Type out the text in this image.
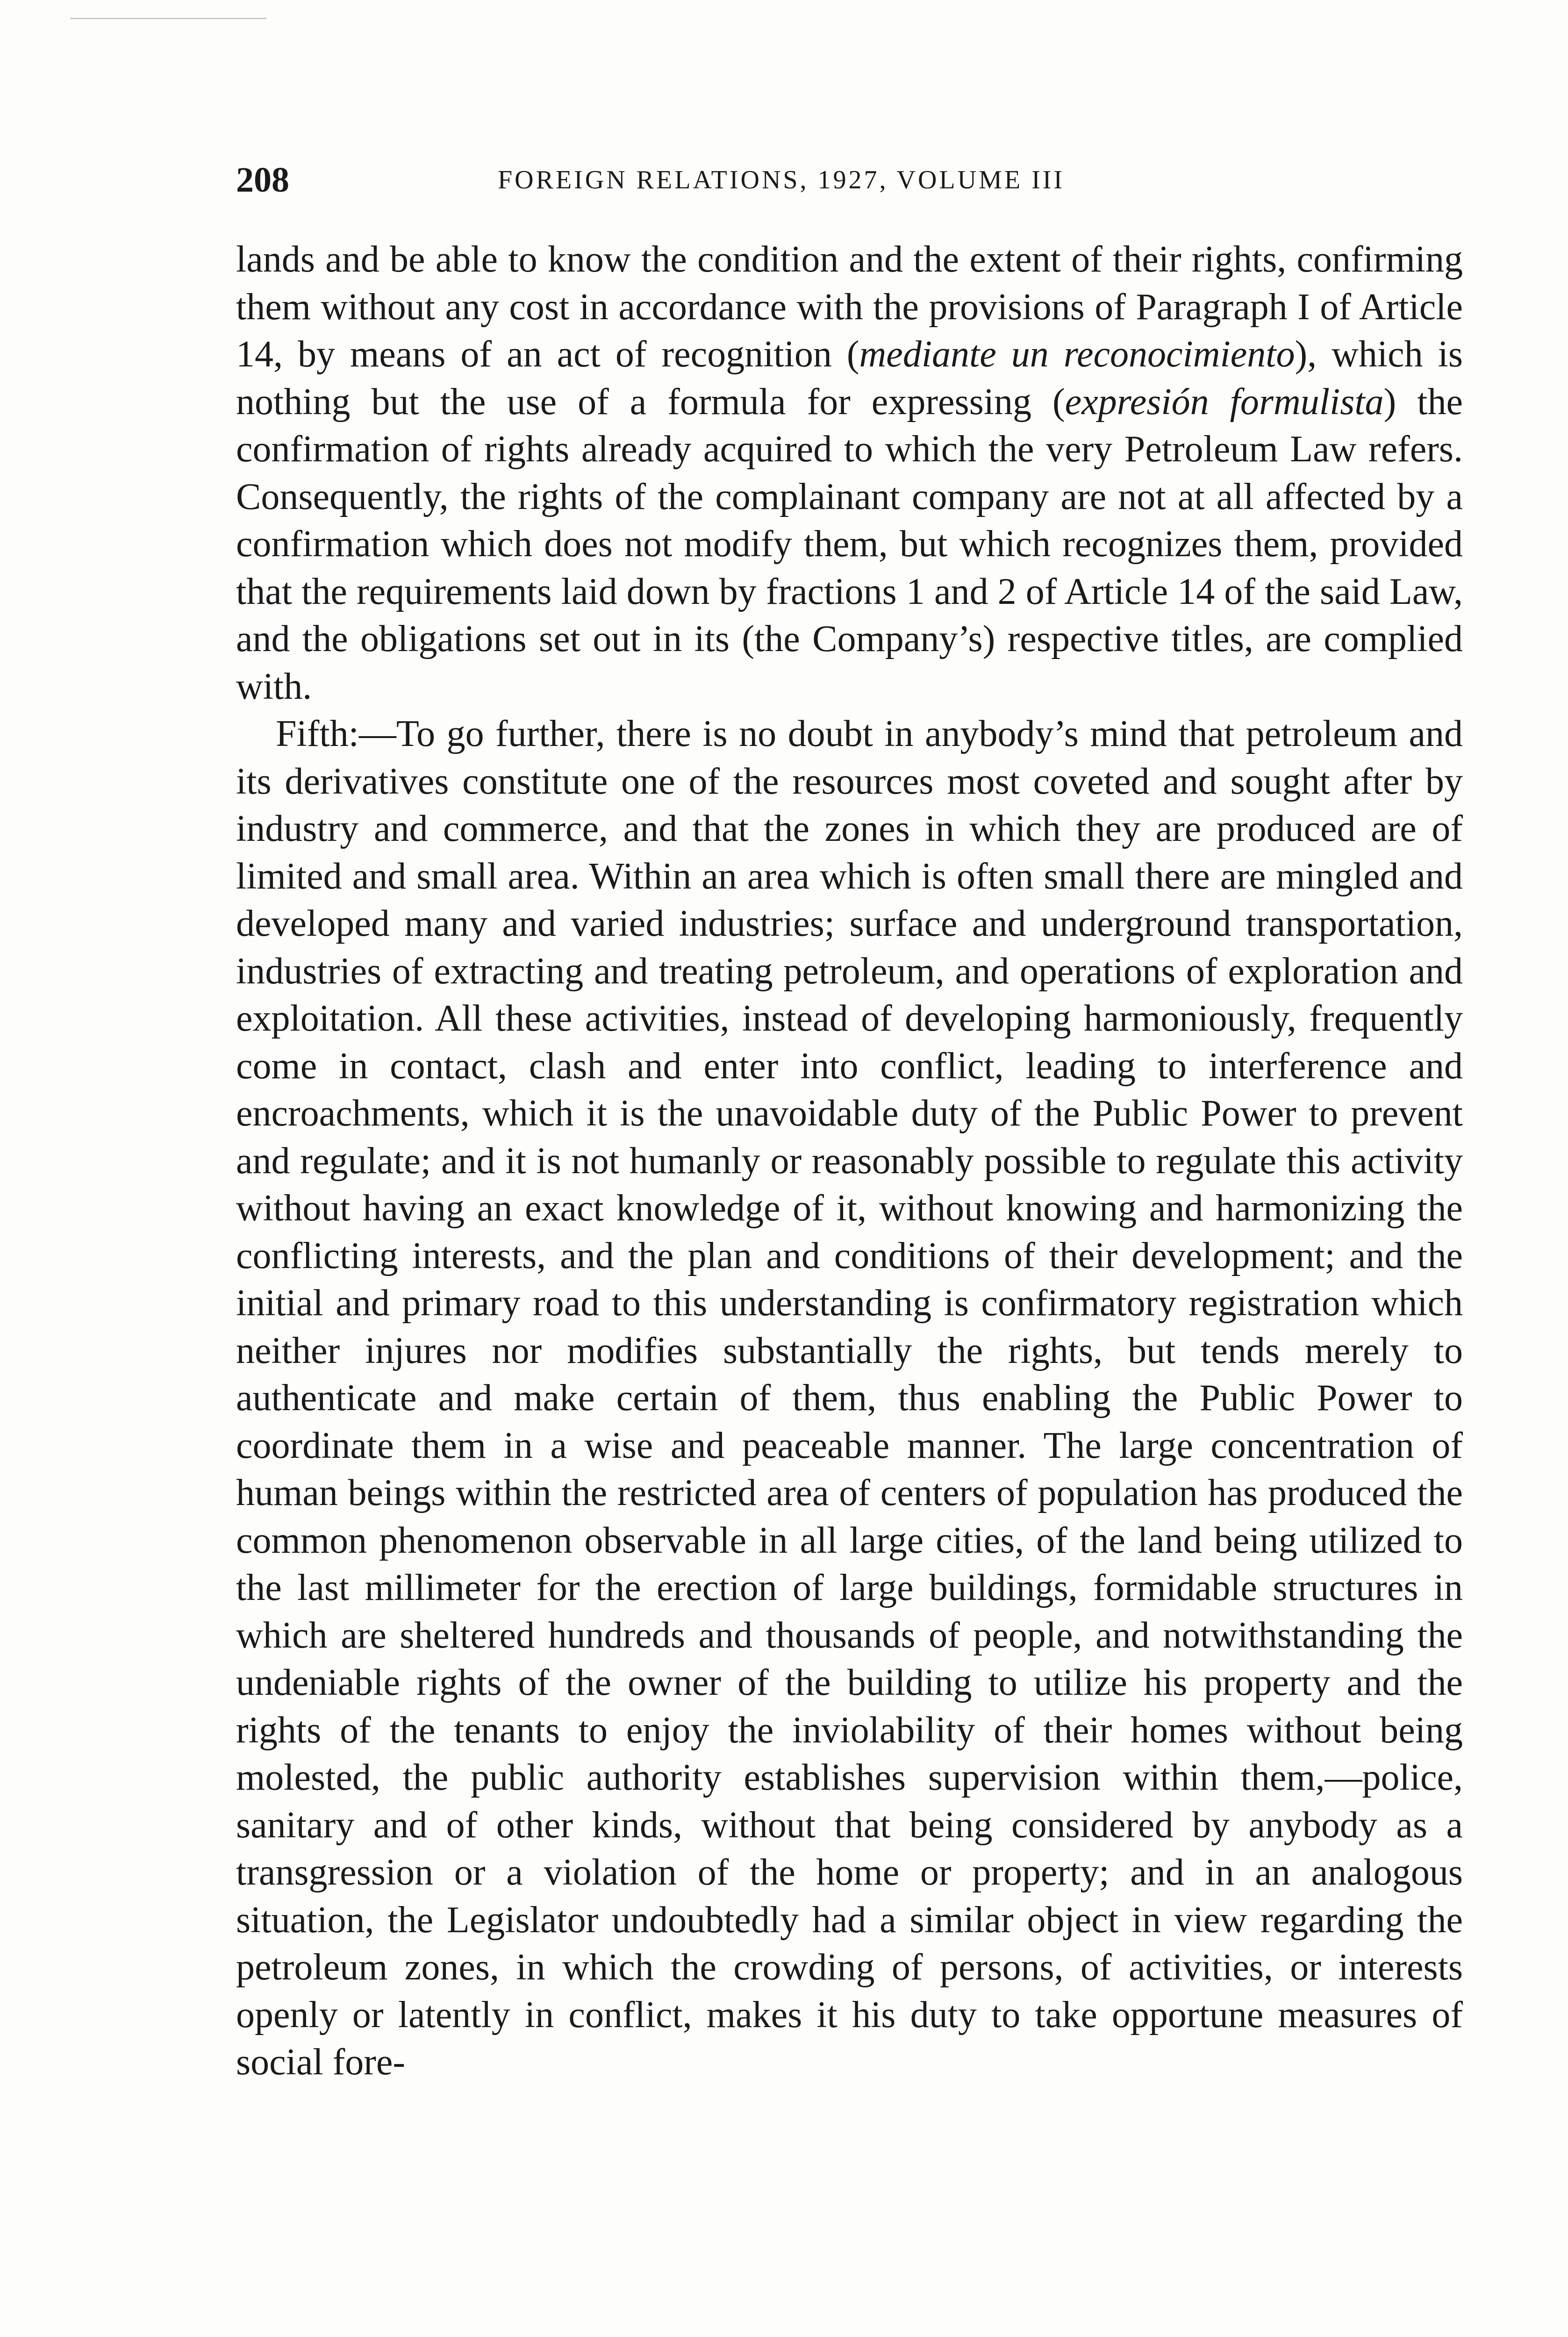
208	FOREIGN RELATIONS, 1927, VOLUME III

lands and be able to know the condition and the extent of their rights, confirming them without any cost in accordance with the provisions of Paragraph I of Article 14, by means of an act of recognition (mediante un reconocimiento), which is nothing but the use of a formula for expressing (expresión formulista) the confirmation of rights already acquired to which the very Petroleum Law refers. Consequently, the rights of the complainant company are not at all affected by a confirmation which does not modify them, but which recognizes them, provided that the requirements laid down by fractions 1 and 2 of Article 14 of the said Law, and the obligations set out in its (the Company’s) respective titles, are complied with.

Fifth:—To go further, there is no doubt in anybody’s mind that petroleum and its derivatives constitute one of the resources most coveted and sought after by industry and commerce, and that the zones in which they are produced are of limited and small area. Within an area which is often small there are mingled and developed many and varied industries; surface and underground transportation, industries of extracting and treating petroleum, and operations of exploration and exploitation. All these activities, instead of developing harmoniously, frequently come in contact, clash and enter into conflict, leading to interference and encroachments, which it is the unavoidable duty of the Public Power to prevent and regulate; and it is not humanly or reasonably possible to regulate this activity without having an exact knowledge of it, without knowing and harmonizing the conflicting interests, and the plan and conditions of their development; and the initial and primary road to this understanding is confirmatory registration which neither injures nor modifies substantially the rights, but tends merely to authenticate and make certain of them, thus enabling the Public Power to coordinate them in a wise and peaceable manner. The large concentration of human beings within the restricted area of centers of population has produced the common phenomenon observable in all large cities, of the land being utilized to the last millimeter for the erection of large buildings, formidable structures in which are sheltered hundreds and thousands of people, and notwithstanding the undeniable rights of the owner of the building to utilize his property and the rights of the tenants to enjoy the inviolability of their homes without being molested, the public authority establishes supervision within them,—police, sanitary and of other kinds, without that being considered by anybody as a transgression or a violation of the home or property; and in an analogous situation, the Legislator undoubtedly had a similar object in view regarding the petroleum zones, in which the crowding of persons, of activities, or interests openly or latently in conflict, makes it his duty to take opportune measures of social fore-
